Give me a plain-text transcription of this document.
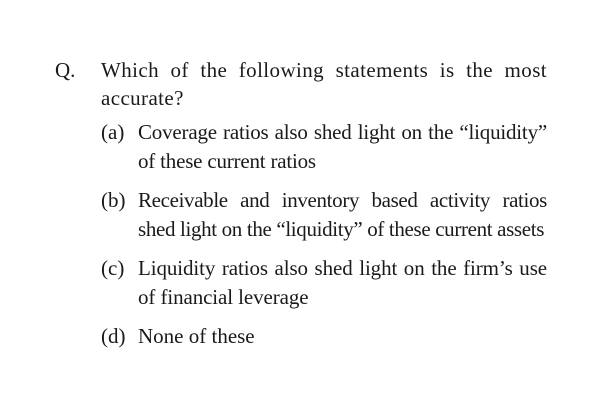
Q. Which of the following statements is the most accurate?
(a) Coverage ratios also shed light on the “liquidity” of these current ratios
(b) Receivable and inventory based activity ratios shed light on the “liquidity” of these current assets
(c) Liquidity ratios also shed light on the firm’s use of financial leverage
(d) None of these
